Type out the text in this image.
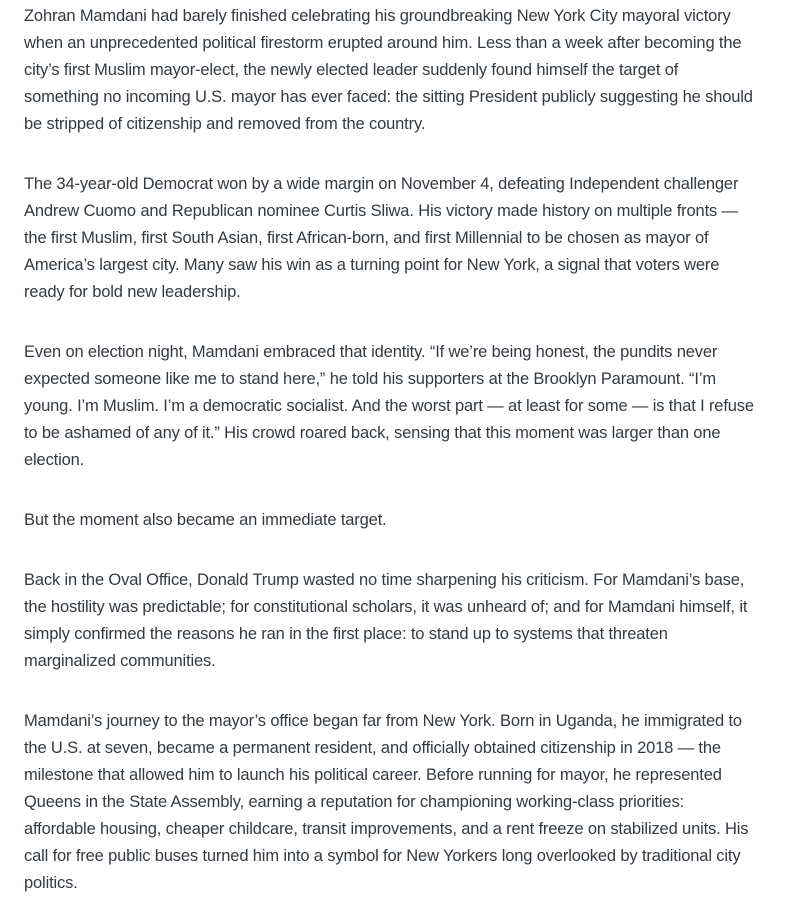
Zohran Mamdani had barely finished celebrating his groundbreaking New York City mayoral victory when an unprecedented political firestorm erupted around him. Less than a week after becoming the city’s first Muslim mayor-elect, the newly elected leader suddenly found himself the target of something no incoming U.S. mayor has ever faced: the sitting President publicly suggesting he should be stripped of citizenship and removed from the country.

The 34-year-old Democrat won by a wide margin on November 4, defeating Independent challenger Andrew Cuomo and Republican nominee Curtis Sliwa. His victory made history on multiple fronts — the first Muslim, first South Asian, first African-born, and first Millennial to be chosen as mayor of America’s largest city. Many saw his win as a turning point for New York, a signal that voters were ready for bold new leadership.

Even on election night, Mamdani embraced that identity. “If we’re being honest, the pundits never expected someone like me to stand here,” he told his supporters at the Brooklyn Paramount. “I’m young. I’m Muslim. I’m a democratic socialist. And the worst part — at least for some — is that I refuse to be ashamed of any of it.” His crowd roared back, sensing that this moment was larger than one election.

But the moment also became an immediate target.

Back in the Oval Office, Donald Trump wasted no time sharpening his criticism. For Mamdani’s base, the hostility was predictable; for constitutional scholars, it was unheard of; and for Mamdani himself, it simply confirmed the reasons he ran in the first place: to stand up to systems that threaten marginalized communities.

Mamdani’s journey to the mayor’s office began far from New York. Born in Uganda, he immigrated to the U.S. at seven, became a permanent resident, and officially obtained citizenship in 2018 — the milestone that allowed him to launch his political career. Before running for mayor, he represented Queens in the State Assembly, earning a reputation for championing working-class priorities: affordable housing, cheaper childcare, transit improvements, and a rent freeze on stabilized units. His call for free public buses turned him into a symbol for New Yorkers long overlooked by traditional city politics.
